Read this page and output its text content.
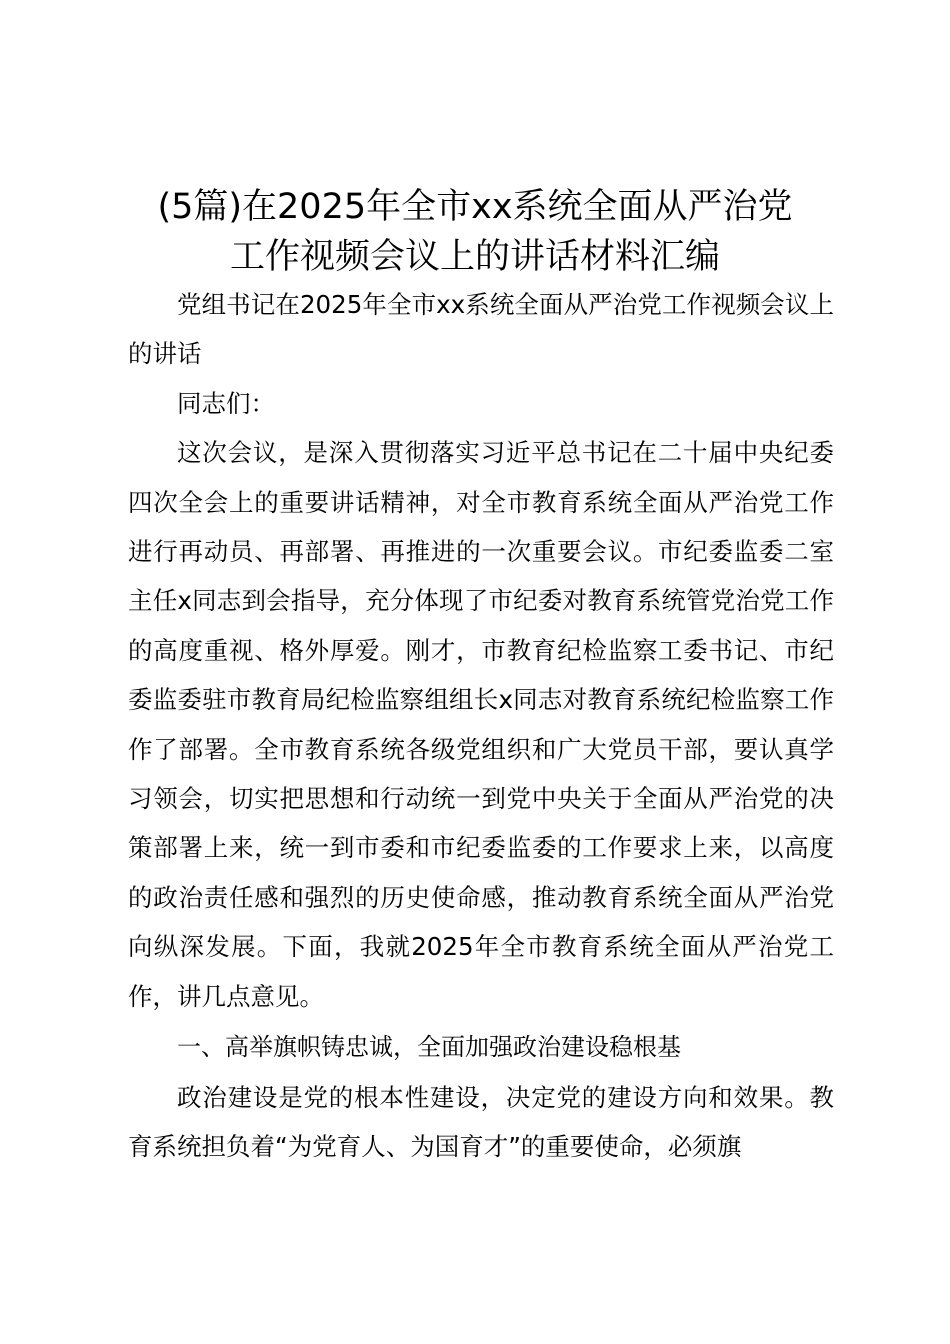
(5篇)在2025年全市xx系统全面从严治党
工作视频会议上的讲话材料汇编

党组书记在2025年全市xx系统全面从严治党工作视频会议上的讲话

同志们：

这次会议，是深入贯彻落实习近平总书记在二十届中央纪委四次全会上的重要讲话精神，对全市教育系统全面从严治党工作进行再动员、再部署、再推进的一次重要会议。市纪委监委二室主任x同志到会指导，充分体现了市纪委对教育系统管党治党工作的高度重视、格外厚爱。刚才，市教育纪检监察工委书记、市纪委监委驻市教育局纪检监察组组长x同志对教育系统纪检监察工作作了部署。全市教育系统各级党组织和广大党员干部，要认真学习领会，切实把思想和行动统一到党中央关于全面从严治党的决策部署上来，统一到市委和市纪委监委的工作要求上来，以高度的政治责任感和强烈的历史使命感，推动教育系统全面从严治党向纵深发展。下面，我就2025年全市教育系统全面从严治党工作，讲几点意见。

一、高举旗帜铸忠诚，全面加强政治建设稳根基

政治建设是党的根本性建设，决定党的建设方向和效果。教育系统担负着“为党育人、为国育才”的重要使命，必须旗
